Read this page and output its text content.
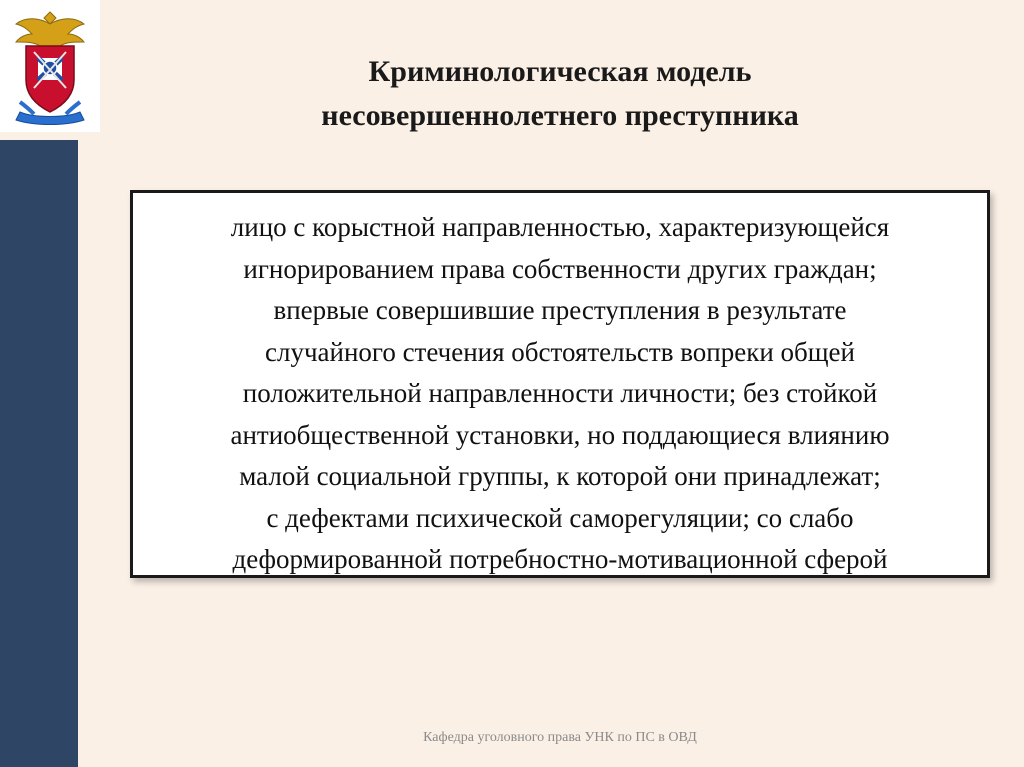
Криминологическая модель
несовершеннолетнего преступника
лицо с корыстной направленностью, характеризующейся
игнорированием права собственности других граждан;
впервые совершившие преступления в результате
случайного стечения обстоятельств вопреки общей
положительной направленности личности; без стойкой
антиобщественной установки, но поддающиеся влиянию
малой социальной группы, к которой они принадлежат;
с дефектами психической саморегуляции; со слабо
деформированной потребностно-мотивационной сферой
Кафедра уголовного права УНК по ПС в ОВД
